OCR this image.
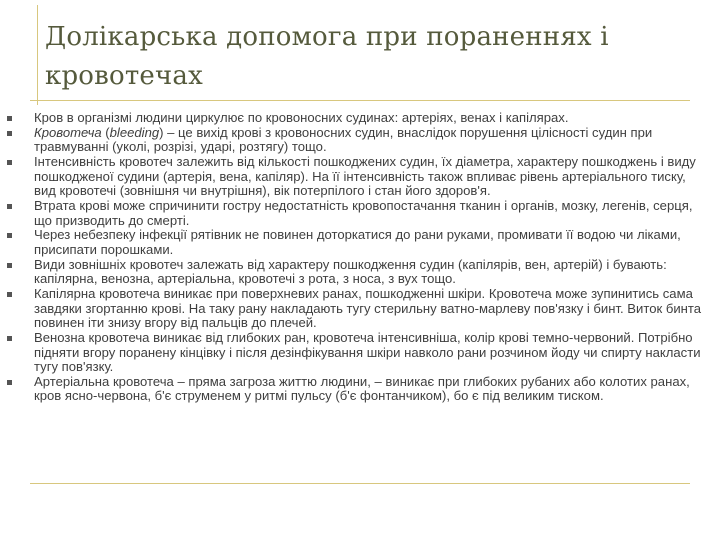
Долікарська допомога при пораненнях і кровотечах
Кров в організмі людини циркулює по кровоносних судинах: артеріях, венах і капілярах.
Кровотеча (bleeding) – це вихід крові з кровоносних судин, внаслідок порушення цілісності судин при травмуванні (уколі, розрізі, ударі, розтягу) тощо.
Інтенсивність кровотеч залежить від кількості пошкоджених судин, їх діаметра, характеру пошкоджень і виду пошкодженої судини (артерія, вена, капіляр). На її інтенсивність також впливає рівень артеріального тиску, вид кровотечі (зовнішня чи внутрішня), вік потерпілого і стан його здоров'я.
Втрата крові може спричинити гостру недостатність кровопостачання тканин і органів, мозку, легенів, серця, що призводить до смерті.
Через небезпеку інфекції рятівник не повинен доторкатися до рани руками, промивати її водою чи ліками, присипати порошками.
Види зовнішніх кровотеч залежать від характеру пошкодження судин (капілярів, вен, артерій) і бувають: капілярна, венозна, артеріальна, кровотечі з рота, з носа, з вух тощо.
Капілярна кровотеча виникає при поверхневих ранах, пошкодженні шкіри. Кровотеча може зупинитись сама завдяки згортанню крові. На таку рану накладають тугу стерильну ватно-марлеву пов'язку і бинт. Виток бинта повинен іти знизу вгору від пальців до плечей.
Венозна кровотеча виникає від глибоких ран, кровотеча інтенсивніша, колір крові темно-червоний. Потрібно підняти вгору поранену кінцівку і після дезінфікування шкіри навколо рани розчином йоду чи спирту накласти тугу пов'язку.
Артеріальна кровотеча – пряма загроза життю людини, – виникає при глибоких рубаних або колотих ранах, кров ясно-червона, б'є струменем у ритмі пульсу (б'є фонтанчиком), бо є під великим тиском.
